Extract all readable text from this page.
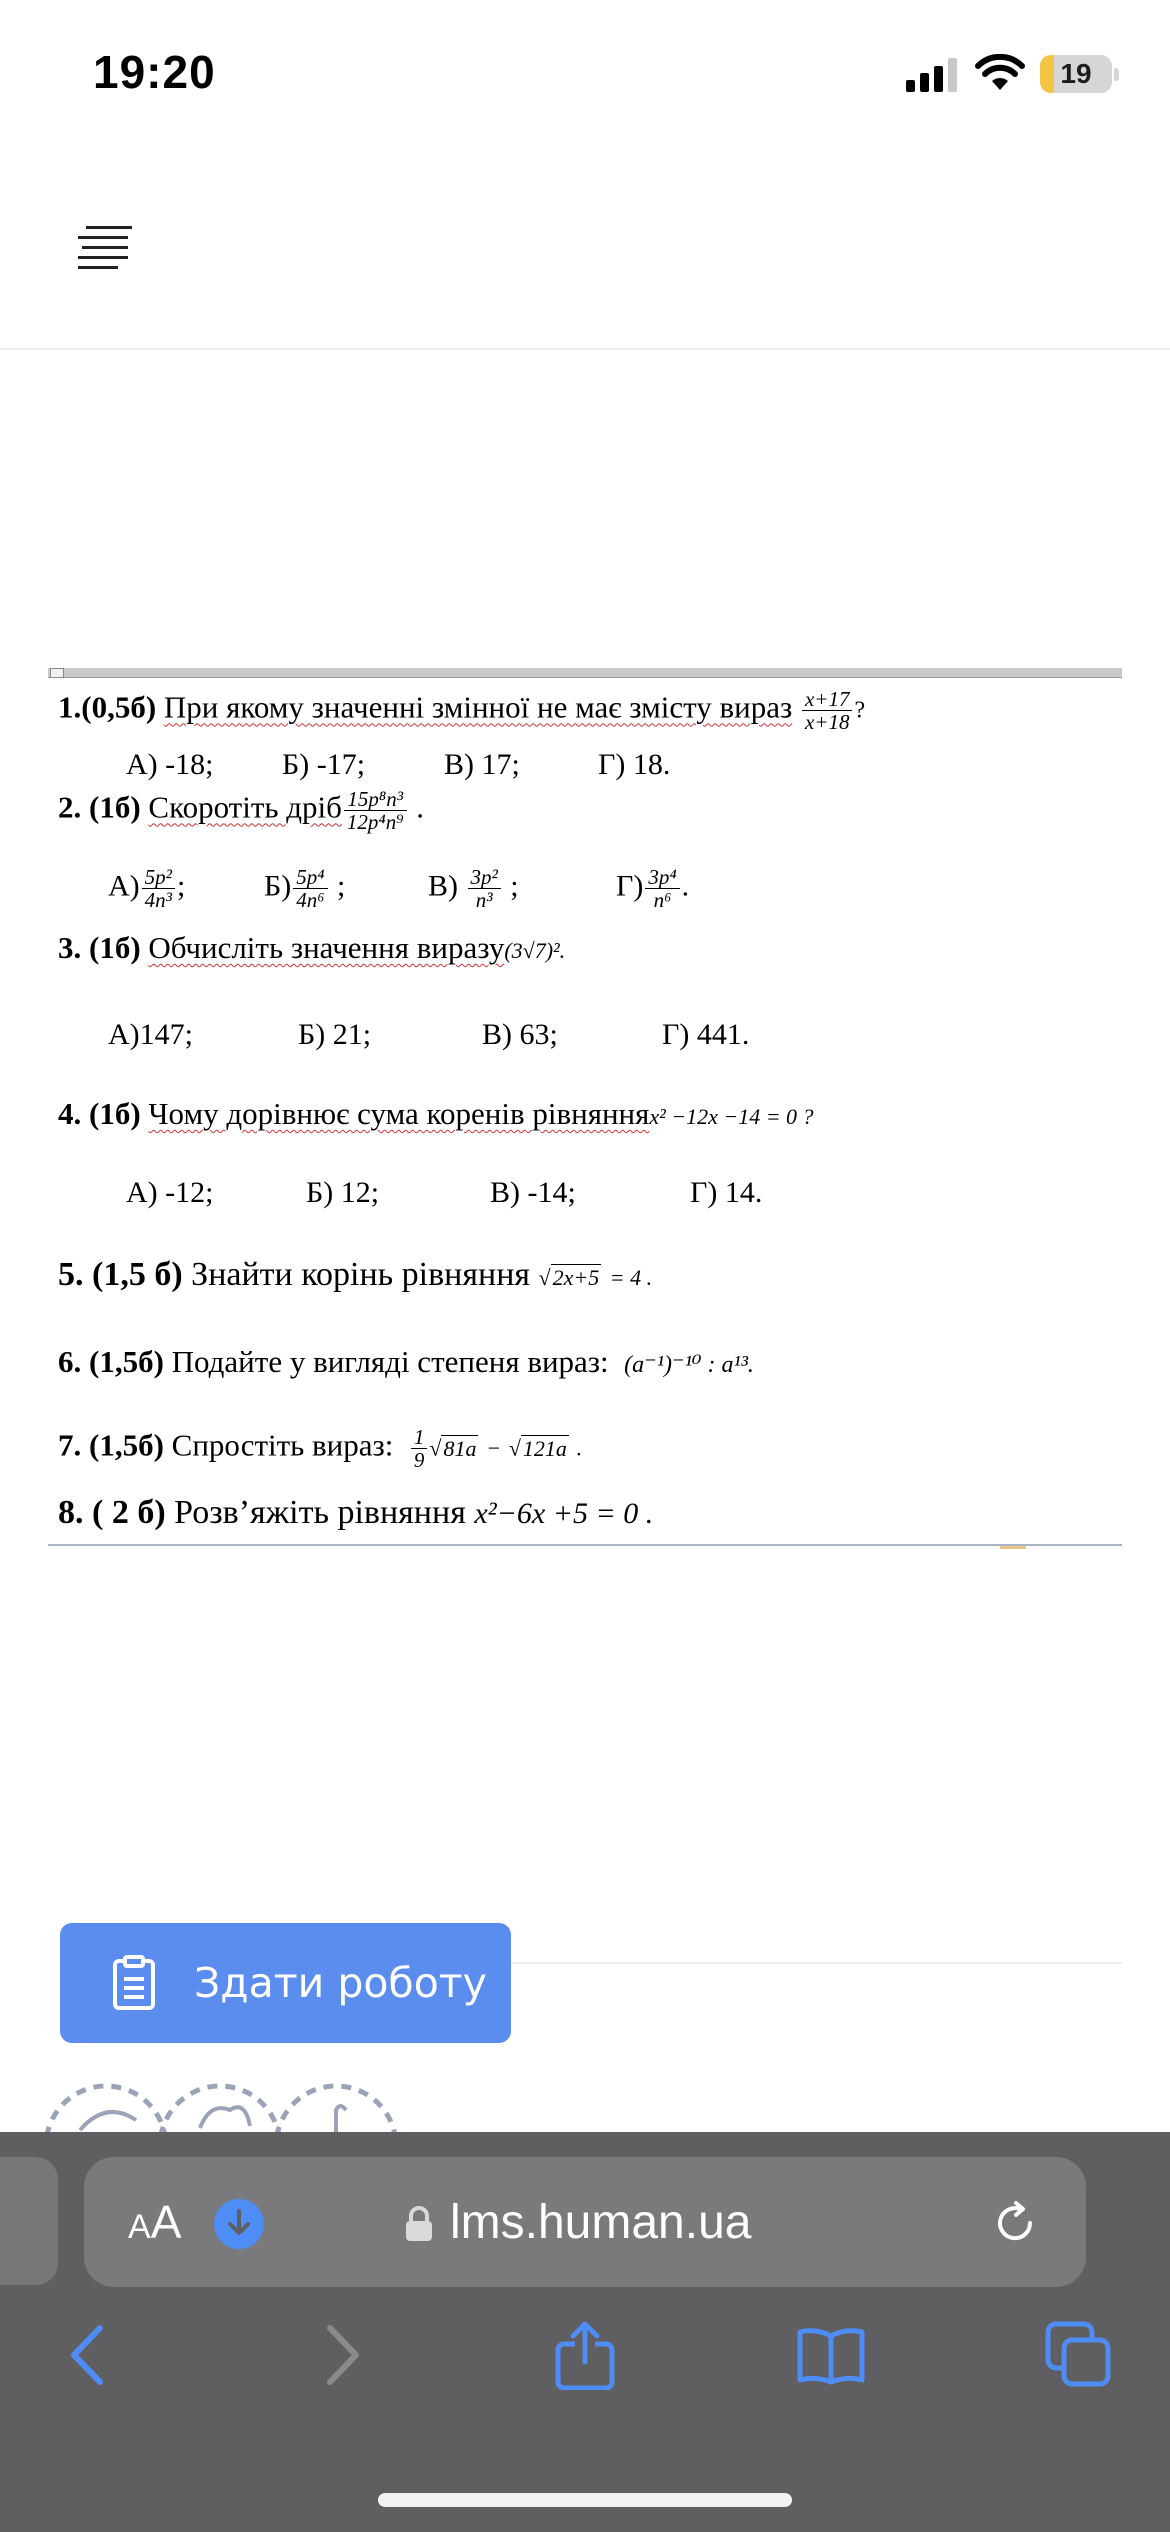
19:20	19
1.(0,5б) При якому значенні змінної не має змісту вираз $\frac{x+17}{x+18}$ ?
А) -18; Б) -17;	В) 17;	Г) 18.
2. (1б) Скоротіть дріб $\frac{\text{15p⁸n³}}{\text{12p⁴n⁹}}$ .
$А) \frac{\text{5p²}}{\text{4n³}}$ ;	$Б) \frac{\text{5p⁴}}{\text{4n⁶}}$ ;	$В) \frac{\text{3p²}}{\text{n³}}$ ;	$Г) \frac{\text{3p⁴}}{\text{n⁶}}$ .
3. (1б) Обчисліть значення виразу(3√7)².
А)147;	Б) 21;	В) 63;	Г) 441.
4. (1б) Чому дорівнює сума коренів рівнянняx² −12x −14 = 0 ?
А) -12;	Б) 12;	В) -14;	Г) 14.
5. (1,5 б) Знайти корінь рівняння √2x+5 = 4 .
6. (1,5б) Подайте у вигляді степеня вираз: (a⁻¹)⁻¹⁰ : a¹³.
7. (1,5б) Спростіть вираз: $\frac{1}{9} √81a - √121a$ .
8. ( 2 б) Розв’яжіть рівняння x²−6x +5 = 0 .
Здати роботу
AA	lms.human.ua
